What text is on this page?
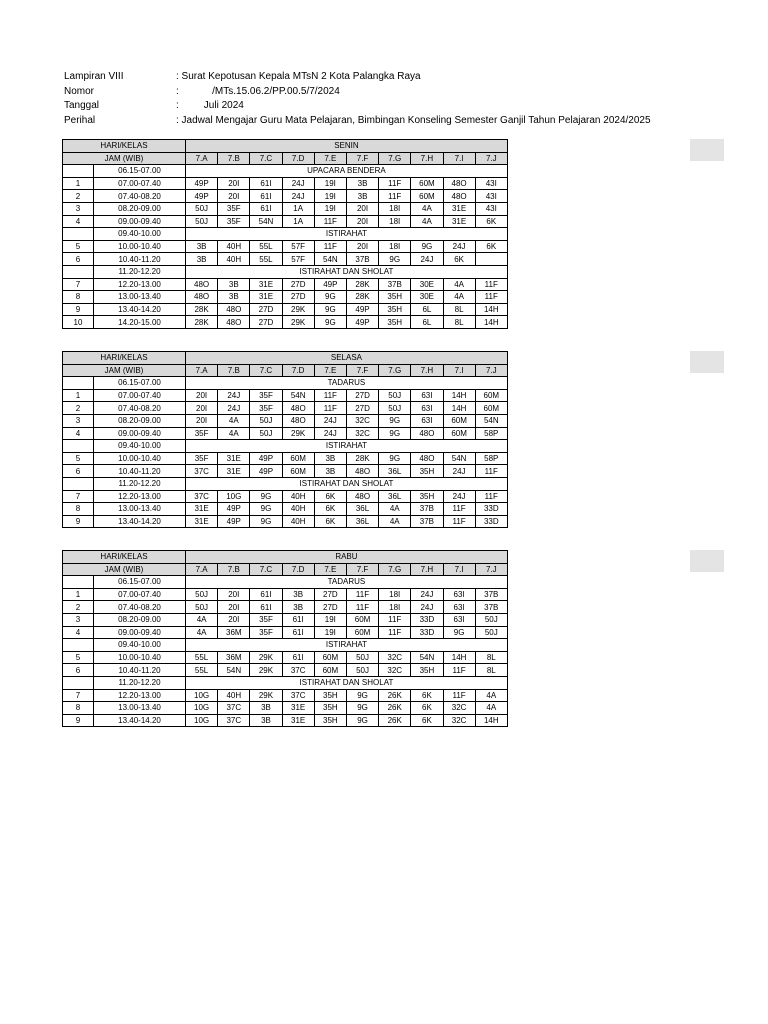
Lampiran VIII	: Surat Kepotusan Kepala MTsN 2 Kota Palangka Raya
Nomor	:            /MTs.15.06.2/PP.00.5/7/2024
Tanggal	:         Juli 2024
Perihal	: Jadwal Mengajar Guru Mata Pelajaran, Bimbingan Konseling Semester Ganjil Tahun Pelajaran 2024/2025
HARI/KELAS		SENIN									
JAM (WIB)		7.A	7.B	7.C	7.D	7.E	7.F	7.G	7.H	7.I	7.J
	06.15-07.00	UPACARA BENDERA									
1	07.00-07.40	49P	20I	61I	24J	19I	3B	11F	60M	48O	43I
2	07.40-08.20	49P	20I	61I	24J	19I	3B	11F	60M	48O	43I
3	08.20-09.00	50J	35F	61I	1A	19I	20I	18I	4A	31E	43I
4	09.00-09.40	50J	35F	54N	1A	11F	20I	18I	4A	31E	6K
	09.40-10.00	ISTIRAHAT									
5	10.00-10.40	3B	40H	55L	57F	11F	20I	18I	9G	24J	6K
6	10.40-11.20	3B	40H	55L	57F	54N	37B	9G	24J	6K	
	11.20-12.20	ISTIRAHAT DAN SHOLAT									
7	12.20-13.00	48O	3B	31E	27D	49P	28K	37B	30E	4A	11F
8	13.00-13.40	48O	3B	31E	27D	9G	28K	35H	30E	4A	11F
9	13.40-14.20	28K	48O	27D	29K	9G	49P	35H	6L	8L	14H
10	14.20-15.00	28K	48O	27D	29K	9G	49P	35H	6L	8L	14H

HARI/KELAS		SELASA									
JAM (WIB)		7.A	7.B	7.C	7.D	7.E	7.F	7.G	7.H	7.I	7.J
	06.15-07.00	TADARUS									
1	07.00-07.40	20I	24J	35F	54N	11F	27D	50J	63I	14H	60M
2	07.40-08.20	20I	24J	35F	48O	11F	27D	50J	63I	14H	60M
3	08.20-09.00	20I	4A	50J	48O	24J	32C	9G	63I	60M	54N
4	09.00-09.40	35F	4A	50J	29K	24J	32C	9G	48O	60M	58P
	09.40-10.00	ISTIRAHAT									
5	10.00-10.40	35F	31E	49P	60M	3B	28K	9G	48O	54N	58P
6	10.40-11.20	37C	31E	49P	60M	3B	48O	36L	35H	24J	11F
	11.20-12.20	ISTIRAHAT DAN SHOLAT									
7	12.20-13.00	37C	10G	9G	40H	6K	48O	36L	35H	24J	11F
8	13.00-13.40	31E	49P	9G	40H	6K	36L	4A	37B	11F	33D
9	13.40-14.20	31E	49P	9G	40H	6K	36L	4A	37B	11F	33D

HARI/KELAS		RABU									
JAM (WIB)		7.A	7.B	7.C	7.D	7.E	7.F	7.G	7.H	7.I	7.J
	06.15-07.00	TADARUS									
1	07.00-07.40	50J	20I	61I	3B	27D	11F	18I	24J	63I	37B
2	07.40-08.20	50J	20I	61I	3B	27D	11F	18I	24J	63I	37B
3	08.20-09.00	4A	20I	35F	61I	19I	60M	11F	33D	63I	50J
4	09.00-09.40	4A	36M	35F	61I	19I	60M	11F	33D	9G	50J
	09.40-10.00	ISTIRAHAT									
5	10.00-10.40	55L	36M	29K	61I	60M	50J	32C	54N	14H	8L
6	10.40-11.20	55L	54N	29K	37C	60M	50J	32C	35H	11F	8L
	11.20-12.20	ISTIRAHAT DAN SHOLAT									
7	12.20-13.00	10G	40H	29K	37C	35H	9G	26K	6K	11F	4A
8	13.00-13.40	10G	37C	3B	31E	35H	9G	26K	6K	32C	4A
9	13.40-14.20	10G	37C	3B	31E	35H	9G	26K	6K	32C	14H
